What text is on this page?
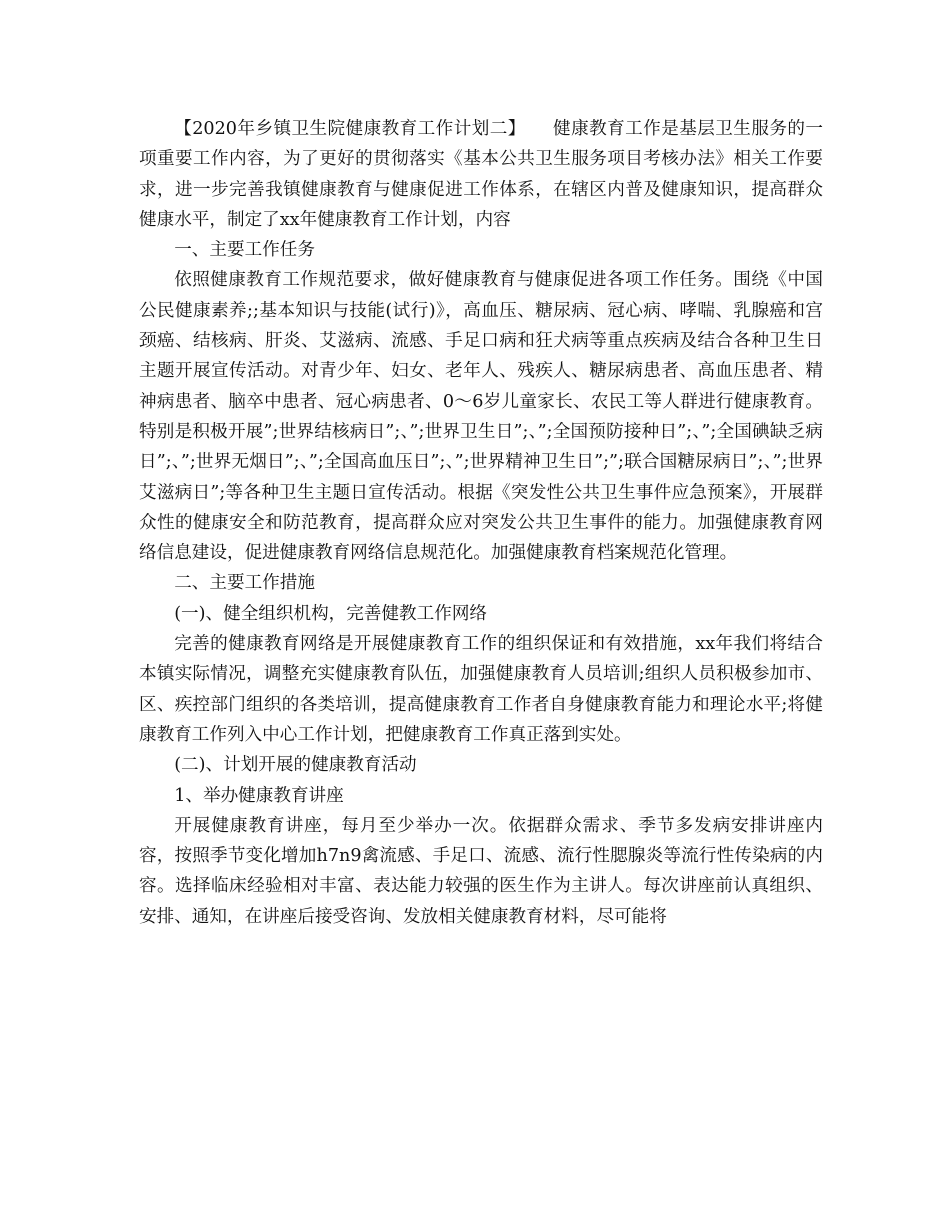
【2020年乡镇卫生院健康教育工作计划二】　　健康教育工作是基层卫生服务的一项重要工作内容，为了更好的贯彻落实《基本公共卫生服务项目考核办法》相关工作要求，进一步完善我镇健康教育与健康促进工作体系，在辖区内普及健康知识，提高群众健康水平，制定了xx年健康教育工作计划，内容

一、主要工作任务

依照健康教育工作规范要求，做好健康教育与健康促进各项工作任务。围绕《中国公民健康素养;;基本知识与技能(试行)》，高血压、糖尿病、冠心病、哮喘、乳腺癌和宫颈癌、结核病、肝炎、艾滋病、流感、手足口病和狂犬病等重点疾病及结合各种卫生日主题开展宣传活动。对青少年、妇女、老年人、残疾人、糖尿病患者、高血压患者、精神病患者、脑卒中患者、冠心病患者、0～6岁儿童家长、农民工等人群进行健康教育。特别是积极开展”;世界结核病日”;、”;世界卫生日”;、”;全国预防接种日”;、”;全国碘缺乏病日”;、”;世界无烟日”;、”;全国高血压日”;、”;世界精神卫生日”;”;联合国糖尿病日”;、”;世界艾滋病日”;等各种卫生主题日宣传活动。根据《突发性公共卫生事件应急预案》，开展群众性的健康安全和防范教育，提高群众应对突发公共卫生事件的能力。加强健康教育网络信息建设，促进健康教育网络信息规范化。加强健康教育档案规范化管理。

二、主要工作措施

(一)、健全组织机构，完善健教工作网络

完善的健康教育网络是开展健康教育工作的组织保证和有效措施，xx年我们将结合本镇实际情况，调整充实健康教育队伍，加强健康教育人员培训;组织人员积极参加市、区、疾控部门组织的各类培训，提高健康教育工作者自身健康教育能力和理论水平;将健康教育工作列入中心工作计划，把健康教育工作真正落到实处。

(二)、计划开展的健康教育活动

1、举办健康教育讲座

开展健康教育讲座，每月至少举办一次。依据群众需求、季节多发病安排讲座内容，按照季节变化增加h7n9禽流感、手足口、流感、流行性腮腺炎等流行性传染病的内容。选择临床经验相对丰富、表达能力较强的医生作为主讲人。每次讲座前认真组织、安排、通知，在讲座后接受咨询、发放相关健康教育材料，尽可能将
